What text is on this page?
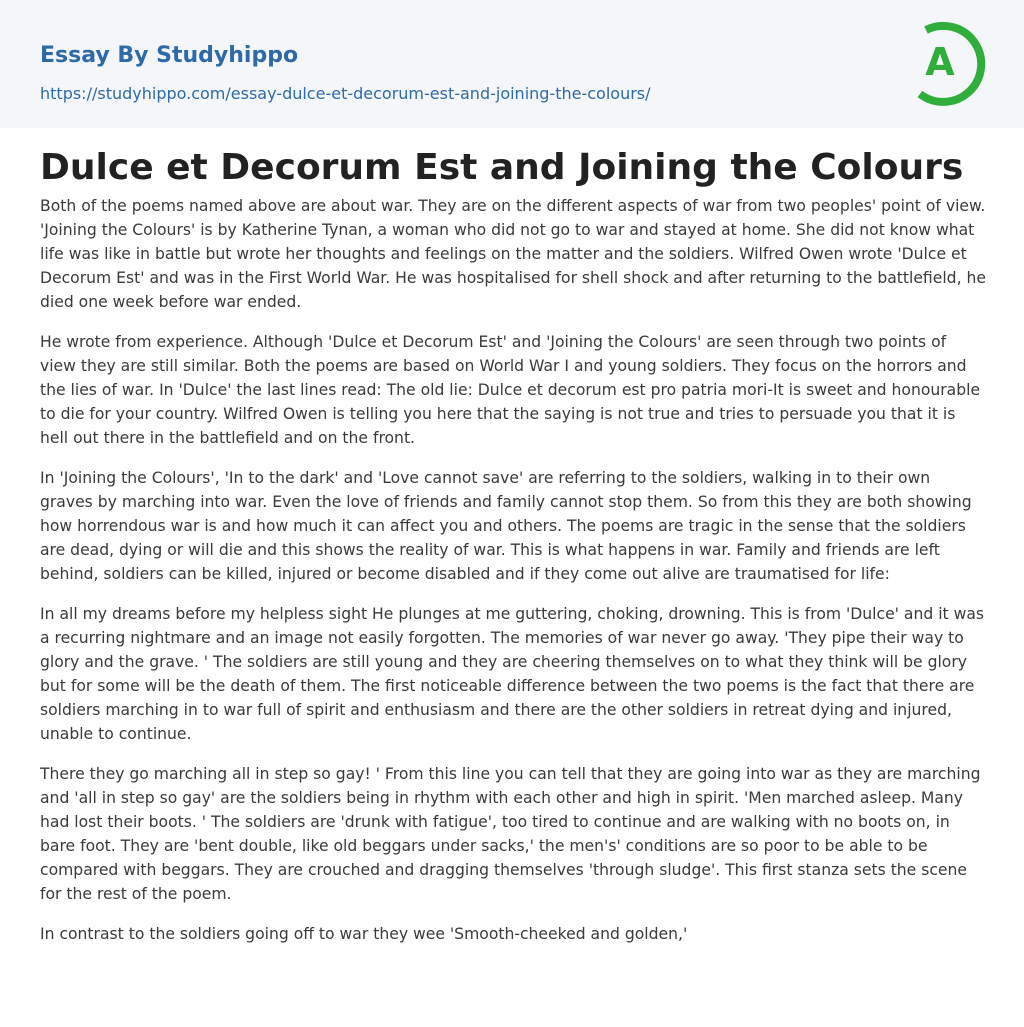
Essay By Studyhippo
https://studyhippo.com/essay-dulce-et-decorum-est-and-joining-the-colours/
A
Dulce et Decorum Est and Joining the Colours

Both of the poems named above are about war. They are on the different aspects of war from two peoples' point of view. 'Joining the Colours' is by Katherine Tynan, a woman who did not go to war and stayed at home. She did not know what life was like in battle but wrote her thoughts and feelings on the matter and the soldiers. Wilfred Owen wrote 'Dulce et Decorum Est' and was in the First World War. He was hospitalised for shell shock and after returning to the battlefield, he died one week before war ended.

He wrote from experience. Although 'Dulce et Decorum Est' and 'Joining the Colours' are seen through two points of view they are still similar. Both the poems are based on World War I and young soldiers. They focus on the horrors and the lies of war. In 'Dulce' the last lines read: The old lie: Dulce et decorum est pro patria mori-It is sweet and honourable to die for your country. Wilfred Owen is telling you here that the saying is not true and tries to persuade you that it is hell out there in the battlefield and on the front.

In 'Joining the Colours', 'In to the dark' and 'Love cannot save' are referring to the soldiers, walking in to their own graves by marching into war. Even the love of friends and family cannot stop them. So from this they are both showing how horrendous war is and how much it can affect you and others. The poems are tragic in the sense that the soldiers are dead, dying or will die and this shows the reality of war. This is what happens in war. Family and friends are left behind, soldiers can be killed, injured or become disabled and if they come out alive are traumatised for life:

In all my dreams before my helpless sight He plunges at me guttering, choking, drowning. This is from 'Dulce' and it was a recurring nightmare and an image not easily forgotten. The memories of war never go away. 'They pipe their way to glory and the grave. ' The soldiers are still young and they are cheering themselves on to what they think will be glory but for some will be the death of them. The first noticeable difference between the two poems is the fact that there are soldiers marching in to war full of spirit and enthusiasm and there are the other soldiers in retreat dying and injured, unable to continue.

There they go marching all in step so gay! ' From this line you can tell that they are going into war as they are marching and 'all in step so gay' are the soldiers being in rhythm with each other and high in spirit. 'Men marched asleep. Many had lost their boots. ' The soldiers are 'drunk with fatigue', too tired to continue and are walking with no boots on, in bare foot. They are 'bent double, like old beggars under sacks,' the men's' conditions are so poor to be able to be compared with beggars. They are crouched and dragging themselves 'through sludge'. This first stanza sets the scene for the rest of the poem.

In contrast to the soldiers going off to war they wee 'Smooth-cheeked and golden,'
